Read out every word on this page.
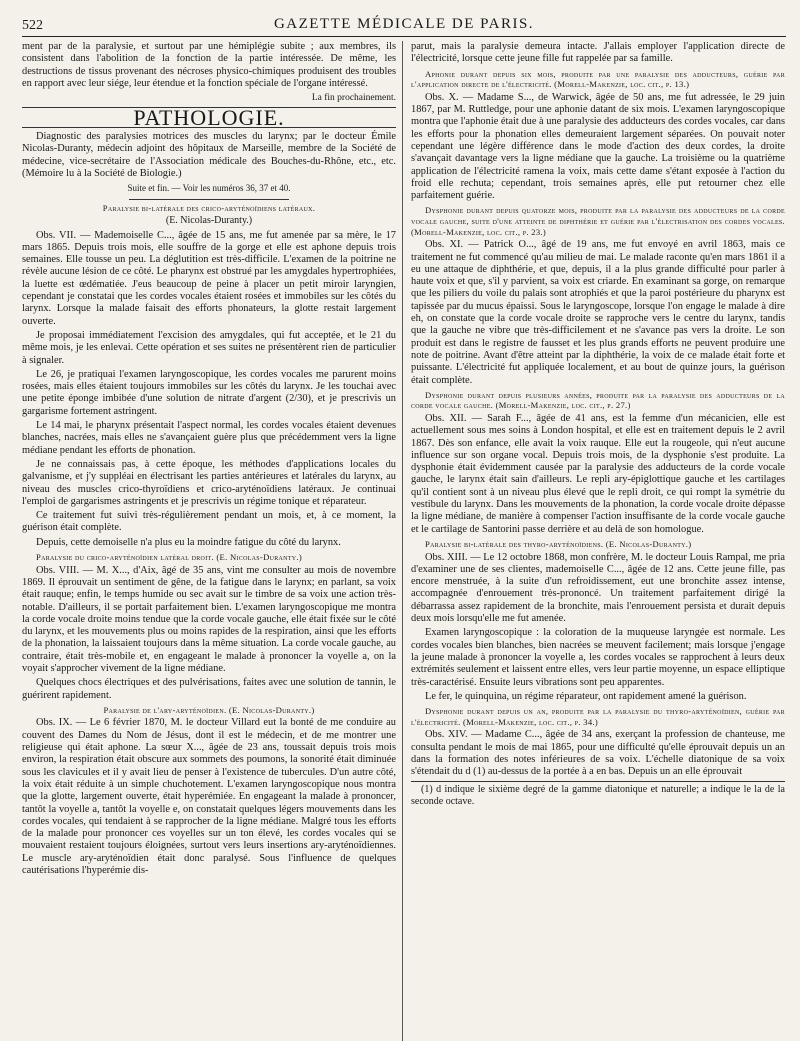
522	GAZETTE MÉDICALE DE PARIS.

ment par de la paralysie, et surtout par une hémiplégie subite ; aux membres, ils consistent dans l'abolition de la fonction de la partie intéressée. De même, les destructions de tissus provenant des nécroses physico-chimiques produisent des troubles en rapport avec leur siége, leur étendue et la fonction spéciale de l'organe intéressé.

La fin prochainement.
PATHOLOGIE.

Diagnostic des paralysies motrices des muscles du larynx; par le docteur Émile Nicolas-Duranty, médecin adjoint des hôpitaux de Marseille, membre de la Société de médecine, vice-secrétaire de l'Association médicale des Bouches-du-Rhône, etc., etc. (Mémoire lu à la Société de Biologie.)

Suite et fin. — Voir les numéros 36, 37 et 40.
Paralysie bi-latérale des crico-aryténoïdiens latéraux.
(E. Nicolas-Duranty.)

Obs. VII. — Mademoiselle C..., âgée de 15 ans, me fut amenée par sa mère, le 17 mars 1865. Depuis trois mois, elle souffre de la gorge et elle est aphone depuis trois semaines. Elle tousse un peu. La déglutition est très-difficile. L'examen de la poitrine ne révèle aucune lésion de ce côté. Le pharynx est obstrué par les amygdales hypertrophiées, la luette est œdématiée. J'eus beaucoup de peine à placer un petit miroir laryngien, cependant je constatai que les cordes vocales étaient rosées et immobiles sur les côtés du larynx. Lorsque la malade faisait des efforts phonateurs, la glotte restait largement ouverte.

Je proposai immédiatement l'excision des amygdales, qui fut acceptée, et le 21 du même mois, je les enlevai. Cette opération et ses suites ne présentèrent rien de particulier à signaler.

Le 26, je pratiquai l'examen laryngoscopique, les cordes vocales me parurent moins rosées, mais elles étaient toujours immobiles sur les côtés du larynx. Je les touchai avec une petite éponge imbibée d'une solution de nitrate d'argent (2/30), et je prescrivis un gargarisme fortement astringent.

Le 14 mai, le pharynx présentait l'aspect normal, les cordes vocales étaient devenues blanches, nacrées, mais elles ne s'avançaient guère plus que précédemment vers la ligne médiane pendant les efforts de phonation.

Je ne connaissais pas, à cette époque, les méthodes d'applications locales du galvanisme, et j'y suppléai en électrisant les parties antérieures et latérales du larynx, au niveau des muscles crico-thyroïdiens et crico-aryténoïdiens latéraux. Je continuai l'emploi de gargarismes astringents et je prescrivis un régime tonique et réparateur.

Ce traitement fut suivi très-régulièrement pendant un mois, et, à ce moment, la guérison était complète.

Depuis, cette demoiselle n'a plus eu la moindre fatigue du côté du larynx.

Paralysie du crico-aryténoïdien latéral droit. (E. Nicolas-Duranty.)

Obs. VIII. — M. X..., d'Aix, âgé de 35 ans, vint me consulter au mois de novembre 1869. Il éprouvait un sentiment de gêne, de la fatigue dans le larynx; en parlant, sa voix était rauque; enfin, le temps humide ou sec avait sur le timbre de sa voix une action très-notable. D'ailleurs, il se portait parfaitement bien. L'examen laryngoscopique me montra la corde vocale droite moins tendue que la corde vocale gauche, elle était fixée sur le côté du larynx, et les mouvements plus ou moins rapides de la respiration, ainsi que les efforts de la phonation, la laissaient toujours dans la même situation. La corde vocale gauche, au contraire, était très-mobile et, en engageant le malade à prononcer la voyelle a, on la voyait s'approcher vivement de la ligne médiane.

Quelques chocs électriques et des pulvérisations, faites avec une solution de tannin, le guérirent rapidement.

Paralysie de l'ary-aryténoïdien. (E. Nicolas-Duranty.)

Obs. IX. — Le 6 février 1870, M. le docteur Villard eut la bonté de me conduire au couvent des Dames du Nom de Jésus, dont il est le médecin, et de me montrer une religieuse qui était aphone. La sœur X..., âgée de 23 ans, toussait depuis trois mois environ, la respiration était obscure aux sommets des poumons, la sonorité était diminuée sous les clavicules et il y avait lieu de penser à l'existence de tubercules. D'un autre côté, la voix était réduite à un simple chuchotement. L'examen laryngoscopique nous montra que la glotte, largement ouverte, était hyperémiée. En engageant la malade à prononcer, tantôt la voyelle a, tantôt la voyelle e, on constatait quelques légers mouvements dans les cordes vocales, qui tendaient à se rapprocher de la ligne médiane. Malgré tous les efforts de la malade pour prononcer ces voyelles sur un ton élevé, les cordes vocales qui se mouvaient restaient toujours éloignées, surtout vers leurs insertions ary-aryténoïdiennes. Le muscle ary-aryténoïdien était donc paralysé. Sous l'influence de quelques cautérisations l'hyperémie dis-

parut, mais la paralysie demeura intacte. J'allais employer l'application directe de l'électricité, lorsque cette jeune fille fut rappelée par sa famille.

Aphonie durant depuis six mois, produite par une paralysie des adducteurs, guérie par l'application directe de l'électricité. (Morell-Makenzie, loc. cit., p. 13.)

Obs. X. — Madame S..., de Warwick, âgée de 50 ans, me fut adressée, le 29 juin 1867, par M. Ruttledge, pour une aphonie datant de six mois. L'examen laryngoscopique montra que l'aphonie était due à une paralysie des adducteurs des cordes vocales, car dans les efforts pour la phonation elles demeuraient largement séparées. On pouvait noter cependant une légère différence dans le mode d'action des deux cordes, la droite s'avançait davantage vers la ligne médiane que la gauche. La troisième ou la quatrième application de l'électricité ramena la voix, mais cette dame s'étant exposée à l'action du froid elle rechuta; cependant, trois semaines après, elle put retourner chez elle parfaitement guérie.

Dysphonie durant depuis quatorze mois, produite par la paralysie des adducteurs de la corde vocale gauche, suite d'une atteinte de diphthérie et guérie par l'électrisation des cordes vocales. (Morell-Makenzie, loc. cit., p. 23.)

Obs. XI. — Patrick O..., âgé de 19 ans, me fut envoyé en avril 1863, mais ce traitement ne fut commencé qu'au milieu de mai. Le malade raconte qu'en mars 1861 il a eu une attaque de diphthérie, et que, depuis, il a la plus grande difficulté pour parler à haute voix et que, s'il y parvient, sa voix est criarde. En examinant sa gorge, on remarque que les piliers du voile du palais sont atrophiés et que la paroi postérieure du pharynx est tapissée par du mucus épaissi. Sous le laryngoscope, lorsque l'on engage le malade à dire eh, on constate que la corde vocale droite se rapproche vers le centre du larynx, tandis que la gauche ne vibre que très-difficilement et ne s'avance pas vers la droite. Le son produit est dans le registre de fausset et les plus grands efforts ne peuvent produire une note de poitrine. Avant d'être atteint par la diphthérie, la voix de ce malade était forte et puissante. L'électricité fut appliquée localement, et au bout de quinze jours, la guérison était complète.

Dysphonie durant depuis plusieurs années, produite par la paralysie des adducteurs de la corde vocale gauche. (Morell-Makenzie, loc. cit., p. 27.)

Obs. XII. — Sarah F..., âgée de 41 ans, est la femme d'un mécanicien, elle est actuellement sous mes soins à London hospital, et elle est en traitement depuis le 2 avril 1867. Dès son enfance, elle avait la voix rauque. Elle eut la rougeole, qui n'eut aucune influence sur son organe vocal. Depuis trois mois, de la dysphonie s'est produite. La dysphonie était évidemment causée par la paralysie des adducteurs de la corde vocale gauche, le larynx était sain d'ailleurs. Le repli ary-épiglottique gauche et les cartilages qu'il contient sont à un niveau plus élevé que le repli droit, ce qui rompt la symétrie du vestibule du larynx. Dans les mouvements de la phonation, la corde vocale droite dépasse la ligne médiane, de manière à compenser l'action insuffisante de la corde vocale gauche et le cartilage de Santorini passe derrière et au delà de son homologue.

Paralysie bi-latérale des thyro-aryténoïdiens. (E. Nicolas-Duranty.)

Obs. XIII. — Le 12 octobre 1868, mon confrère, M. le docteur Louis Rampal, me pria d'examiner une de ses clientes, mademoiselle C..., âgée de 12 ans. Cette jeune fille, pas encore menstruée, à la suite d'un refroidissement, eut une bronchite assez intense, accompagnée d'enrouement très-prononcé. Un traitement parfaitement dirigé la débarrassa assez rapidement de la bronchite, mais l'enrouement persista et durait depuis deux mois lorsqu'elle me fut amenée.

Examen laryngoscopique : la coloration de la muqueuse laryngée est normale. Les cordes vocales bien blanches, bien nacrées se meuvent facilement; mais lorsque j'engage la jeune malade à prononcer la voyelle a, les cordes vocales se rapprochent à leurs deux extrémités seulement et laissent entre elles, vers leur partie moyenne, un espace elliptique très-caractérisé. Ensuite leurs vibrations sont peu apparentes.

Le fer, le quinquina, un régime réparateur, ont rapidement amené la guérison.

Dysphonie durant depuis un an, produite par la paralysie du thyro-aryténoïdien, guérie par l'électricité. (Morell-Makenzie, loc. cit., p. 34.)

Obs. XIV. — Madame C..., âgée de 34 ans, exerçant la profession de chanteuse, me consulta pendant le mois de mai 1865, pour une difficulté qu'elle éprouvait depuis un an dans la formation des notes inférieures de sa voix. L'échelle diatonique de sa voix s'étendait du d (1) au-dessus de la portée à a en bas. Depuis un an elle éprouvait

(1) d indique le sixième degré de la gamme diatonique et naturelle; a indique le la de la seconde octave.
